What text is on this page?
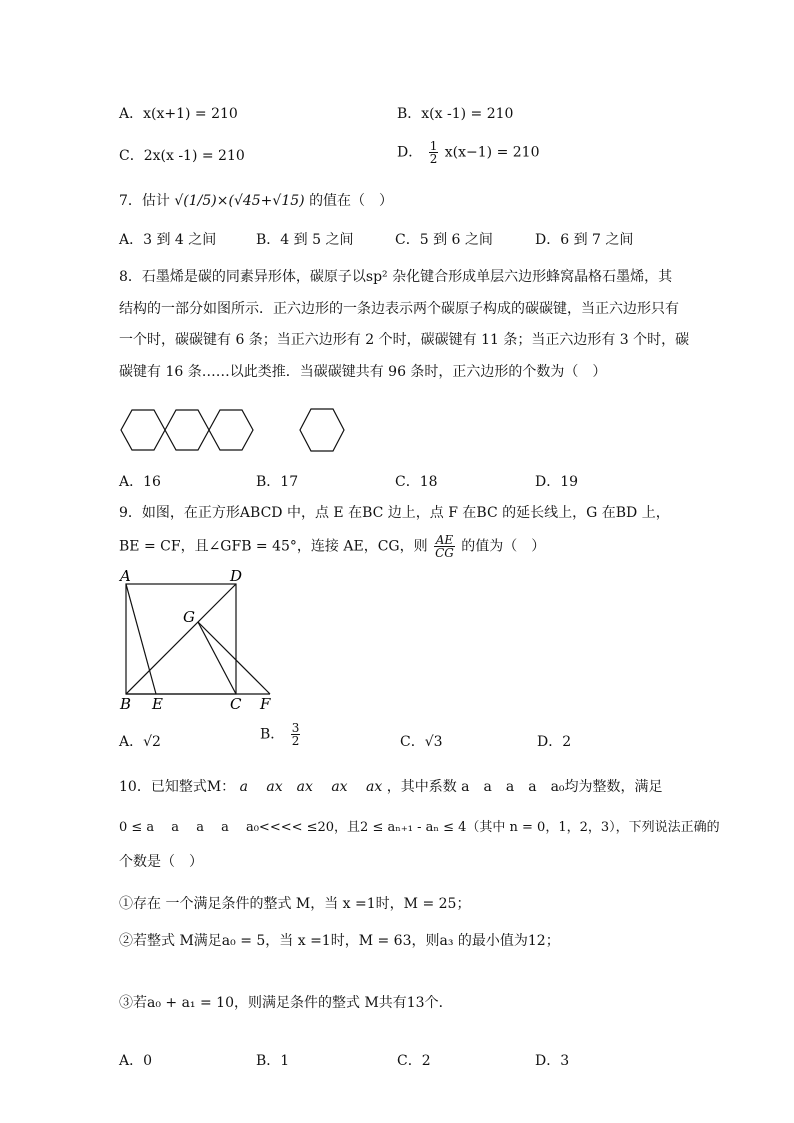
A．x(x+1) = 210	B．x(x -1) = 210
C．2x(x -1) = 210	D． $\frac{1}{2} x(x-1) = 210$
7．估计 √(1/5)×(√45+√15) 的值在（　）
A．3 到 4 之间	B．4 到 5 之间	C．5 到 6 之间	D．6 到 7 之间
8．石墨烯是碳的同素异形体，碳原子以sp² 杂化键合形成单层六边形蜂窝晶格石墨烯，其
结构的一部分如图所示．正六边形的一条边表示两个碳原子构成的碳碳键，当正六边形只有
一个时，碳碳键有 6 条；当正六边形有 2 个时，碳碳键有 11 条；当正六边形有 3 个时，碳
碳键有 16 条……以此类推．当碳碳键共有 96 条时，正六边形的个数为（　）
A．16	B．17	C．18	D．19
9．如图，在正方形ABCD 中，点 E 在BC 边上，点 F 在BC 的延长线上，G 在BD 上，
BE = CF，且∠GFB = 45°，连接 AE，CG，则 $\frac{AE}{CG}$ 的值为（　）
A	D
G
B E	C F
A．√2	B． $\frac{3}{2}$	C．√3	D．2
10．已知整式M： a　 ax　ax　 ax　 ax ，其中系数 a　a　a　a　a₀均为整数，满足
0 ≤ a　 a　 a　 a　 a₀<<<< ≤20，且2 ≤ aₙ₊₁ - aₙ ≤ 4（其中 n = 0，1，2，3），下列说法正确的
个数是（　）
①存在 一个满足条件的整式 M，当 x =1时，M = 25；
②若整式 M满足a₀ = 5，当 x =1时，M = 63，则a₃ 的最小值为12；
③若a₀ + a₁ = 10，则满足条件的整式 M共有13个．
A．0	B．1	C．2	D．3
